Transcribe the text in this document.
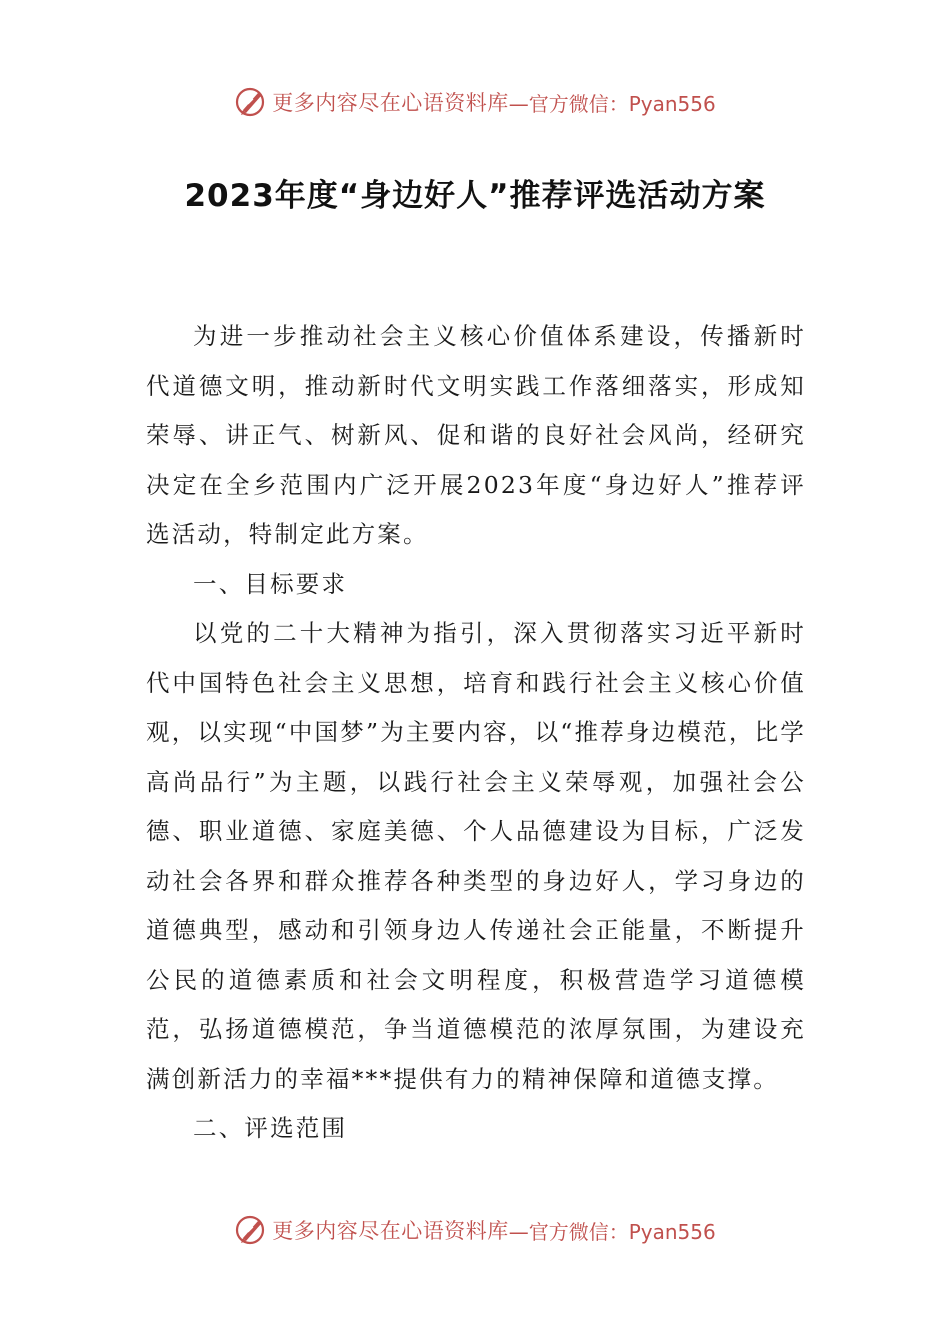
更多内容尽在心语资料库 —官方微信：Pyan556
2023年度“身边好人”推荐评选活动方案

为进一步推动社会主义核心价值体系建设，传播新时代道德文明，推动新时代文明实践工作落细落实，形成知荣辱、讲正气、树新风、促和谐的良好社会风尚，经研究决定在全乡范围内广泛开展2023年度“身边好人”推荐评选活动，特制定此方案。

一、目标要求

以党的二十大精神为指引，深入贯彻落实习近平新时代中国特色社会主义思想，培育和践行社会主义核心价值观，以实现“中国梦”为主要内容，以“推荐身边模范，比学高尚品行”为主题，以践行社会主义荣辱观，加强社会公德、职业道德、家庭美德、个人品德建设为目标，广泛发动社会各界和群众推荐各种类型的身边好人，学习身边的道德典型，感动和引领身边人传递社会正能量，不断提升公民的道德素质和社会文明程度，积极营造学习道德模范，弘扬道德模范，争当道德模范的浓厚氛围，为建设充满创新活力的幸福***提供有力的精神保障和道德支撑。

二、评选范围

更多内容尽在心语资料库 —官方微信：Pyan556
